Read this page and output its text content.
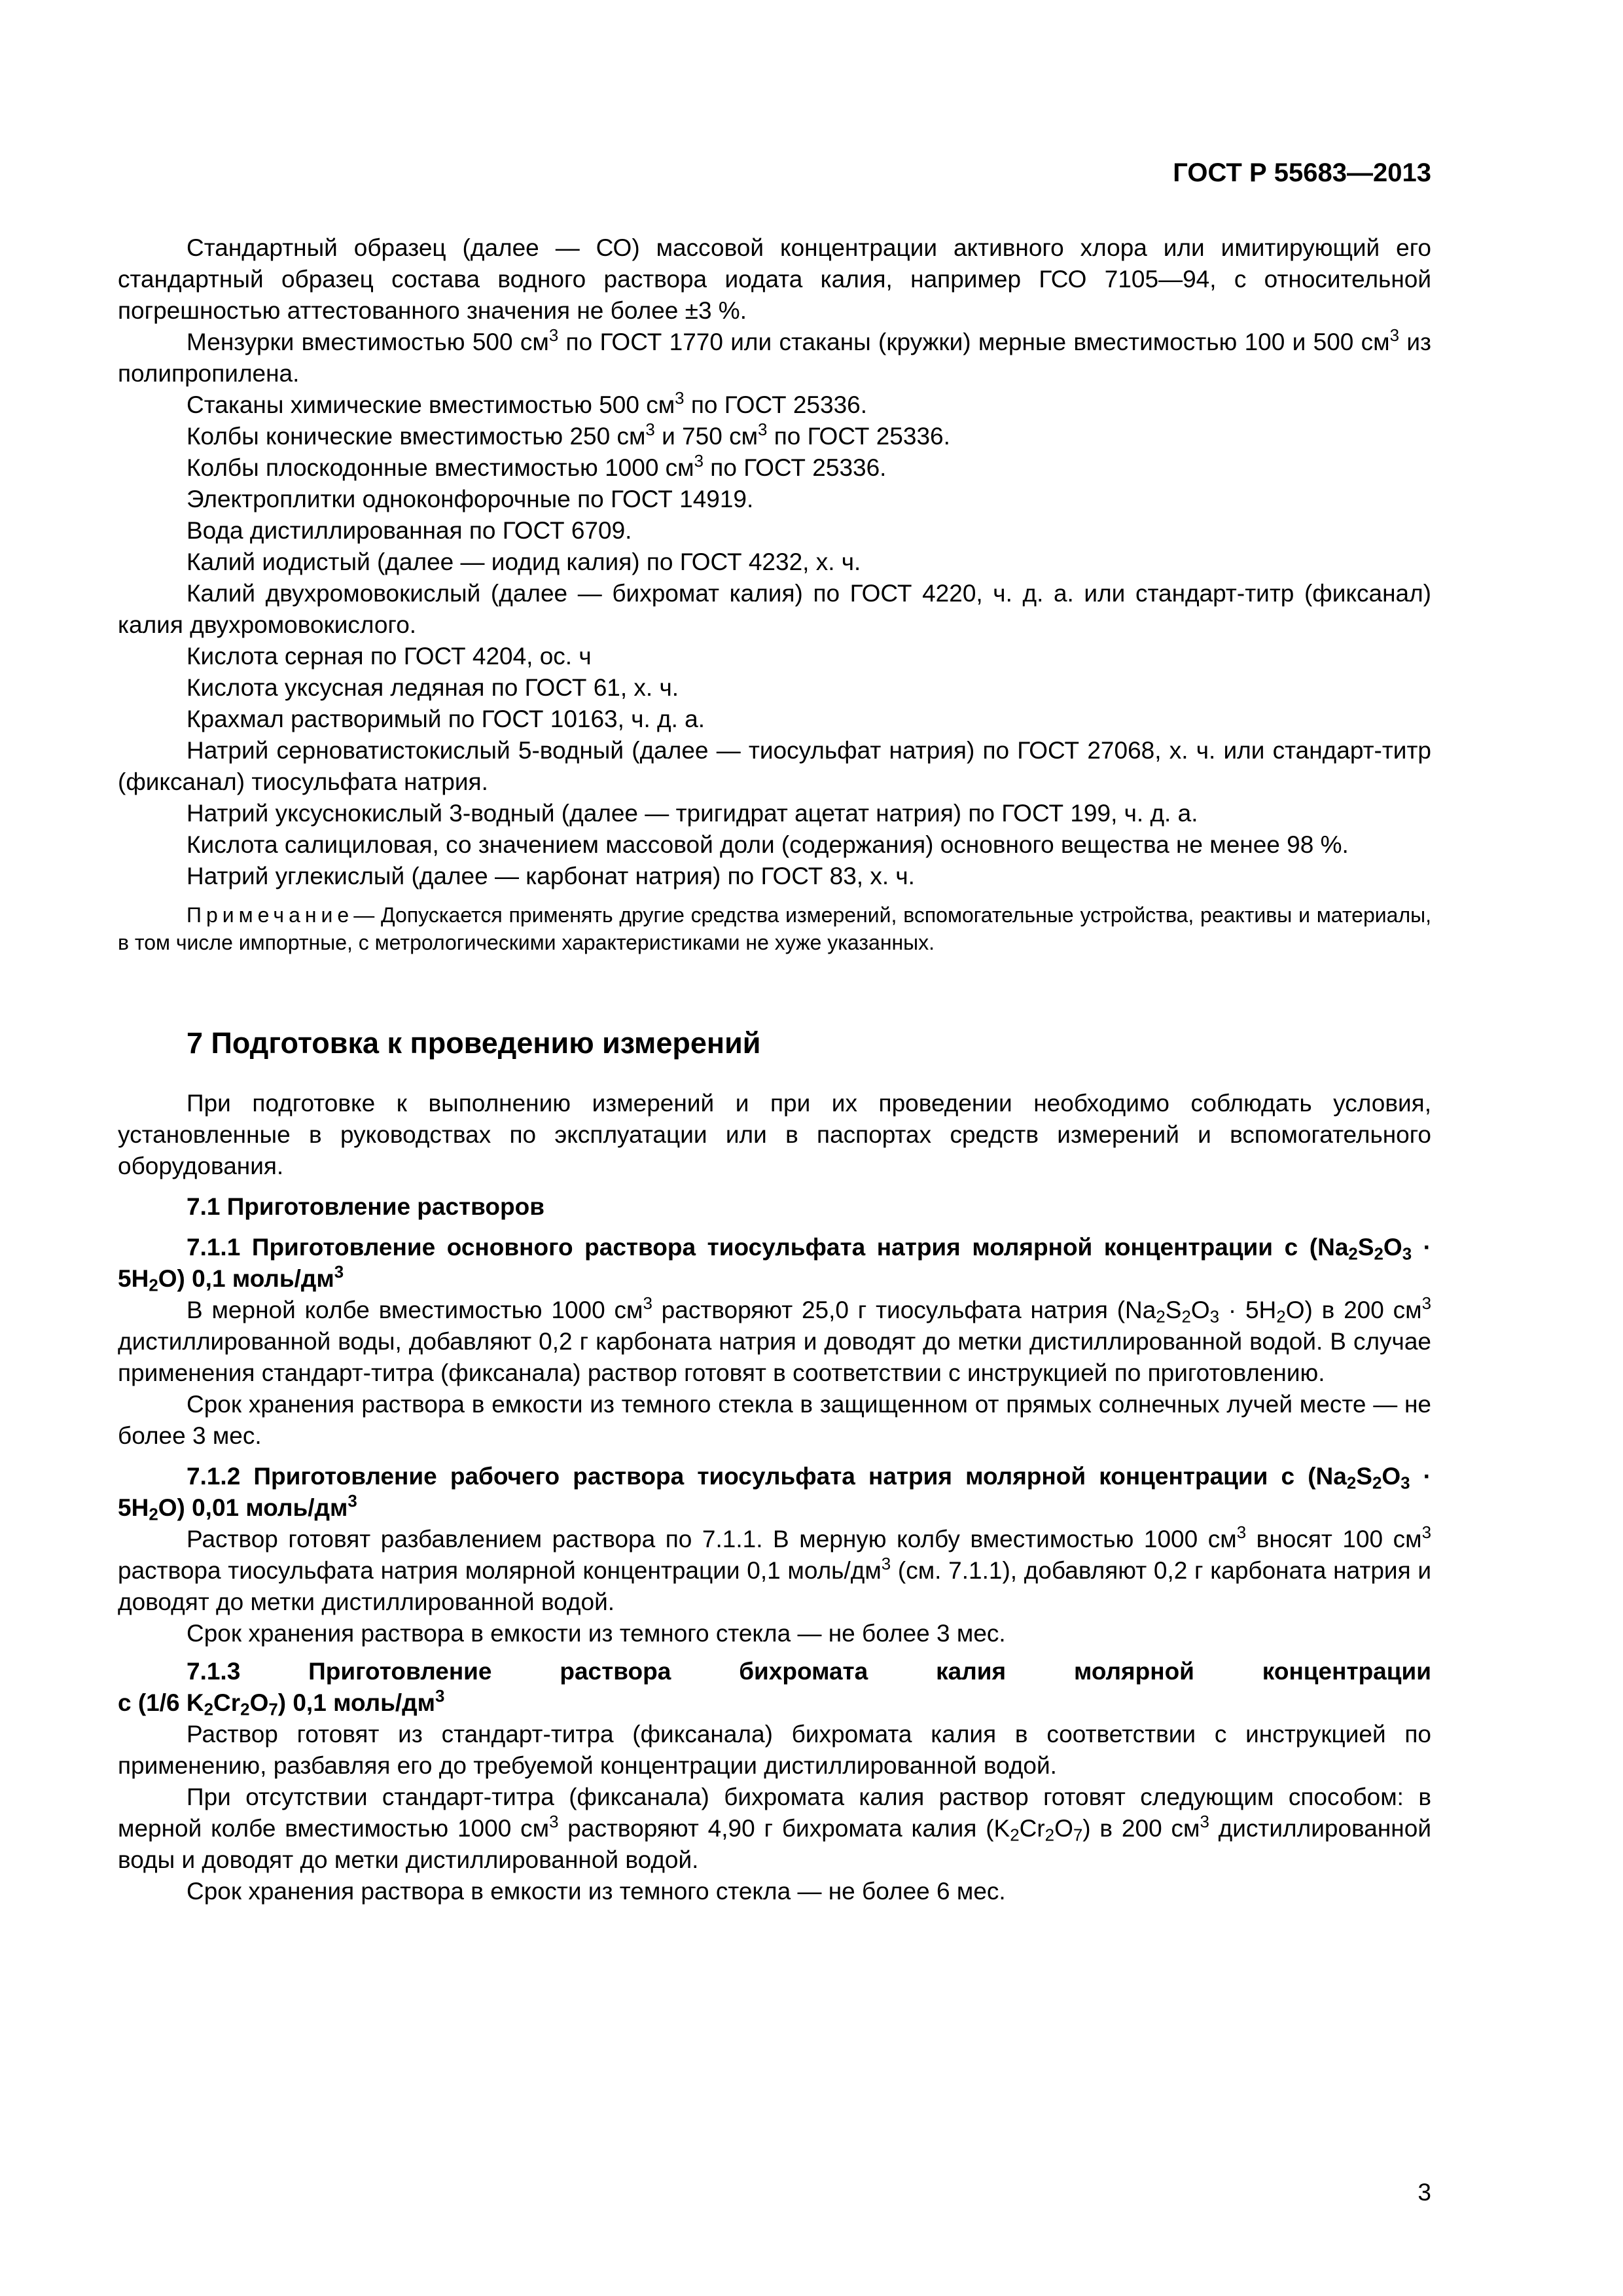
ГОСТ Р 55683—2013

Стандартный образец (далее — СО) массовой концентрации активного хлора или имитирующий его стандартный образец состава водного раствора иодата калия, например ГСО 7105—94, с относительной погрешностью аттестованного значения не более ±3 %.

Мензурки вместимостью 500 $см^3$ по ГОСТ 1770 или стаканы (кружки) мерные вместимостью 100 и 500 $см^3$ из полипропилена.

Стаканы химические вместимостью 500 $см^3$ по ГОСТ 25336.

Колбы конические вместимостью 250 $см^3$ и 750 $см^3$ по ГОСТ 25336.

Колбы плоскодонные вместимостью 1000 $см^3$ по ГОСТ 25336.

Электроплитки одноконфорочные по ГОСТ 14919.

Вода дистиллированная по ГОСТ 6709.

Калий иодистый (далее — иодид калия) по ГОСТ 4232, х. ч.

Калий двухромовокислый (далее — бихромат калия) по ГОСТ 4220, ч. д. а. или стандарт-титр (фиксанал) калия двухромовокислого.

Кислота серная по ГОСТ 4204, ос. ч

Кислота уксусная ледяная по ГОСТ 61, х. ч.

Крахмал растворимый по ГОСТ 10163, ч. д. а.

Натрий серноватистокислый 5-водный (далее — тиосульфат натрия) по ГОСТ 27068, х. ч. или стандарт-титр (фиксанал) тиосульфата натрия.

Натрий уксуснокислый 3-водный (далее — тригидрат ацетат натрия) по ГОСТ 199, ч. д. а.

Кислота салициловая, со значением массовой доли (содержания) основного вещества не менее 98 %.

Натрий углекислый (далее — карбонат натрия) по ГОСТ 83, х. ч.

Примечание— Допускается применять другие средства измерений, вспомогательные устройства, реактивы и материалы, в том числе импортные, с метрологическими характеристиками не хуже указанных.

7 Подготовка к проведению измерений

При подготовке к выполнению измерений и при их проведении необходимо соблюдать условия, установленные в руководствах по эксплуатации или в паспортах средств измерений и вспомогательного оборудования.

7.1 Приготовление растворов

7.1.1 Приготовление основного раствора тиосульфата натрия молярной концентрации с $(Na_2S_2O_3 \cdot 5H_2O)$ 0,1 моль/$дм^3$

В мерной колбе вместимостью 1000 $см^3$ растворяют 25,0 г тиосульфата натрия $(Na_2S_2O_3 \cdot 5H_2O)$ в 200 $см^3$ дистиллированной воды, добавляют 0,2 г карбоната натрия и доводят до метки дистиллированной водой. В случае применения стандарт-титра (фиксанала) раствор готовят в соответствии с инструкцией по приготовлению.

Срок хранения раствора в емкости из темного стекла в защищенном от прямых солнечных лучей месте — не более 3 мес.

7.1.2 Приготовление рабочего раствора тиосульфата натрия молярной концентрации с $(Na_2S_2O_3 \cdot 5H_2O)$ 0,01 моль/$дм^3$

Раствор готовят разбавлением раствора по 7.1.1. В мерную колбу вместимостью 1000 $см^3$ вносят 100 $см^3$ раствора тиосульфата натрия молярной концентрации 0,1 моль/$дм^3$ (см. 7.1.1), добавляют 0,2 г карбоната натрия и доводят до метки дистиллированной водой.

Срок хранения раствора в емкости из темного стекла — не более 3 мес.

7.1.3 Приготовление раствора бихромата калия молярной концентрации

с (1/6 $K_2Cr_2O_7$) 0,1 моль/$дм^3$

Раствор готовят из стандарт-титра (фиксанала) бихромата калия в соответствии с инструкцией по применению, разбавляя его до требуемой концентрации дистиллированной водой.

При отсутствии стандарт-титра (фиксанала) бихромата калия раствор готовят следующим способом: в мерной колбе вместимостью 1000 $см^3$ растворяют 4,90 г бихромата калия $(K_2Cr_2O_7)$ в 200 $см^3$ дистиллированной воды и доводят до метки дистиллированной водой.

Срок хранения раствора в емкости из темного стекла — не более 6 мес.

3
